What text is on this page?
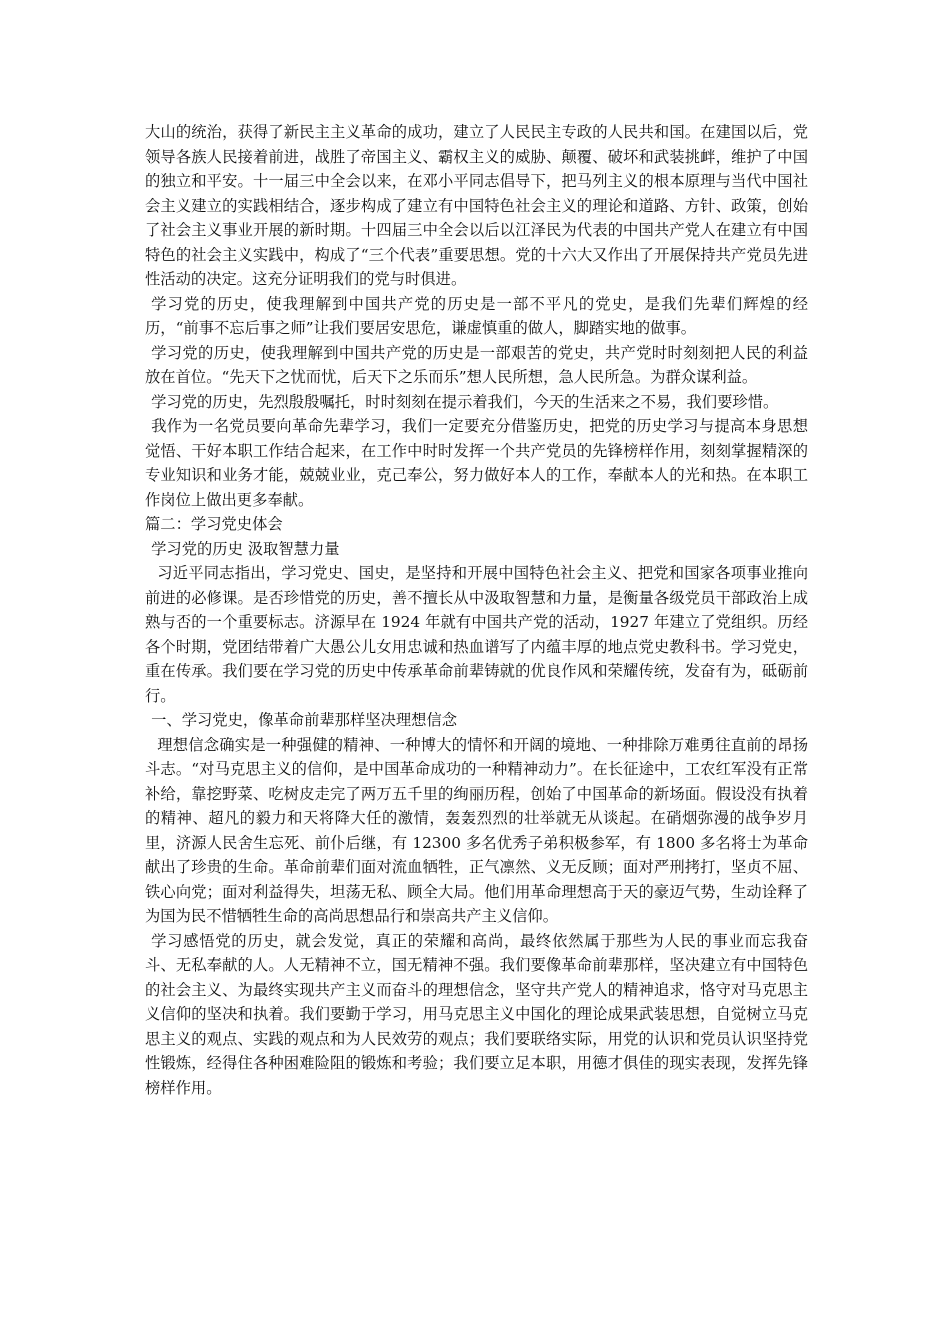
大山的统治，获得了新民主主义革命的成功，建立了人民民主专政的人民共和国。在建国以后，党领导各族人民接着前进，战胜了帝国主义、霸权主义的威胁、颠覆、破坏和武装挑衅，维护了中国的独立和平安。十一届三中全会以来，在邓小平同志倡导下，把马列主义的根本原理与当代中国社会主义建立的实践相结合，逐步构成了建立有中国特色社会主义的理论和道路、方针、政策，创始了社会主义事业开展的新时期。十四届三中全会以后以江泽民为代表的中国共产党人在建立有中国特色的社会主义实践中，构成了“三个代表”重要思想。党的十六大又作出了开展保持共产党员先进性活动的决定。这充分证明我们的党与时俱进。

学习党的历史，使我理解到中国共产党的历史是一部不平凡的党史，是我们先辈们辉煌的经历，“前事不忘后事之师”让我们要居安思危，谦虚慎重的做人，脚踏实地的做事。

学习党的历史，使我理解到中国共产党的历史是一部艰苦的党史，共产党时时刻刻把人民的利益放在首位。“先天下之忧而忧，后天下之乐而乐”想人民所想，急人民所急。为群众谋利益。

学习党的历史，先烈殷殷嘱托，时时刻刻在提示着我们，今天的生活来之不易，我们要珍惜。

我作为一名党员要向革命先辈学习，我们一定要充分借鉴历史，把党的历史学习与提高本身思想觉悟、干好本职工作结合起来，在工作中时时发挥一个共产党员的先锋榜样作用，刻刻掌握精深的专业知识和业务才能，兢兢业业，克己奉公，努力做好本人的工作，奉献本人的光和热。在本职工作岗位上做出更多奉献。

篇二：学习党史体会

学习党的历史 汲取智慧力量

习近平同志指出，学习党史、国史，是坚持和开展中国特色社会主义、把党和国家各项事业推向前进的必修课。是否珍惜党的历史，善不擅长从中汲取智慧和力量，是衡量各级党员干部政治上成熟与否的一个重要标志。济源早在 1924 年就有中国共产党的活动，1927 年建立了党组织。历经各个时期，党团结带着广大愚公儿女用忠诚和热血谱写了内蕴丰厚的地点党史教科书。学习党史，重在传承。我们要在学习党的历史中传承革命前辈铸就的优良作风和荣耀传统，发奋有为，砥砺前行。

一、学习党史，像革命前辈那样坚决理想信念

理想信念确实是一种强健的精神、一种博大的情怀和开阔的境地、一种排除万难勇往直前的昂扬斗志。“对马克思主义的信仰，是中国革命成功的一种精神动力”。在长征途中，工农红军没有正常补给，靠挖野菜、吃树皮走完了两万五千里的绚丽历程，创始了中国革命的新场面。假设没有执着的精神、超凡的毅力和天将降大任的激情，轰轰烈烈的壮举就无从谈起。在硝烟弥漫的战争岁月里，济源人民舍生忘死、前仆后继，有 12300 多名优秀子弟积极参军，有 1800 多名将士为革命献出了珍贵的生命。革命前辈们面对流血牺牲，正气凛然、义无反顾；面对严刑拷打，坚贞不屈、铁心向党；面对利益得失，坦荡无私、顾全大局。他们用革命理想高于天的豪迈气势，生动诠释了为国为民不惜牺牲生命的高尚思想品行和崇高共产主义信仰。

学习感悟党的历史，就会发觉，真正的荣耀和高尚，最终依然属于那些为人民的事业而忘我奋斗、无私奉献的人。人无精神不立，国无精神不强。我们要像革命前辈那样，坚决建立有中国特色的社会主义、为最终实现共产主义而奋斗的理想信念，坚守共产党人的精神追求，恪守对马克思主义信仰的坚决和执着。我们要勤于学习，用马克思主义中国化的理论成果武装思想，自觉树立马克思主义的观点、实践的观点和为人民效劳的观点；我们要联络实际，用党的认识和党员认识坚持党性锻炼，经得住各种困难险阻的锻炼和考验；我们要立足本职，用德才俱佳的现实表现，发挥先锋榜样作用。
